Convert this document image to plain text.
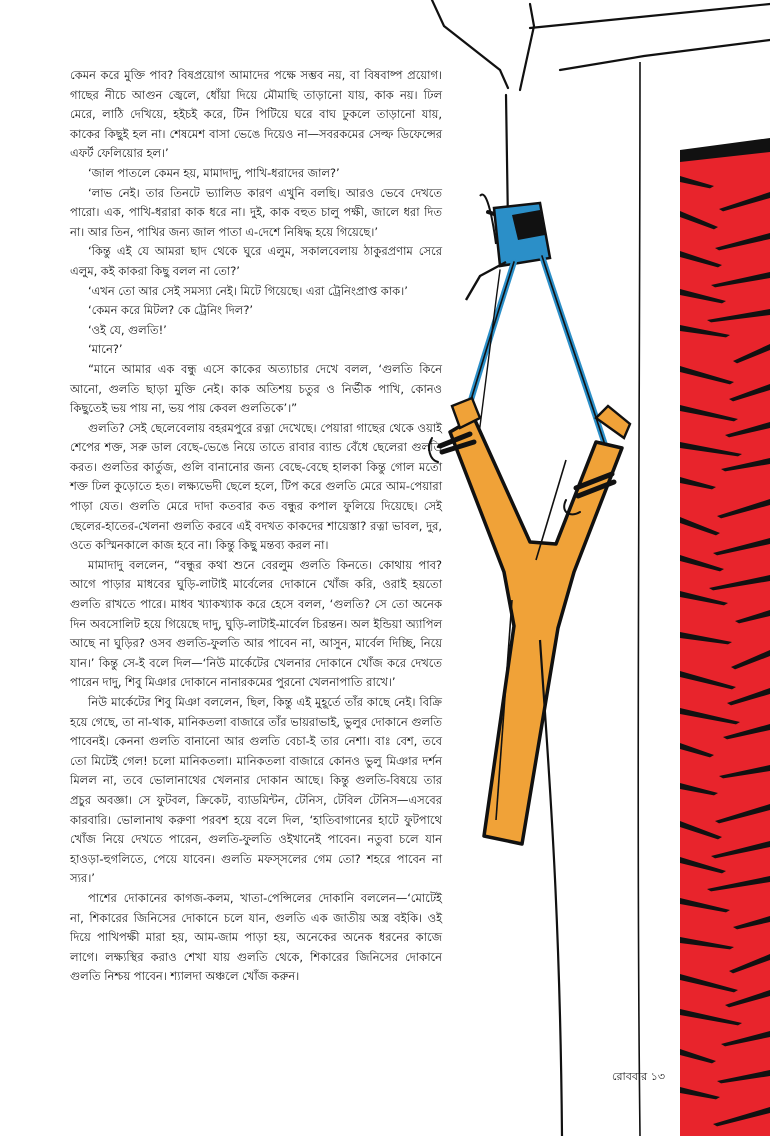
কেমন করে মুক্তি পাব? বিষপ্রয়োগ আমাদের পক্ষে সম্ভব নয়, বা বিষবাষ্প প্রয়োগ। গাছের নীচে আগুন জ্বেলে, ধোঁয়া দিয়ে মৌমাছি তাড়ানো যায়, কাক নয়। ঢিল মেরে, লাঠি দেখিয়ে, হইচই করে, টিন পিটিয়ে ঘরে বাঘ ঢুকলে তাড়ানো যায়, কাকের কিছুই হল না। শেষমেশ বাসা ভেঙে দিয়েও না—সবরকমের সেল্ফ ডিফেন্সের এফর্ট ফেলিয়োর হল।’

‘জাল পাতলে কেমন হয়, মামাদাদু, পাখি-ধরাদের জাল?’

‘লাভ নেই। তার তিনটে ভ্যালিড কারণ এখুনি বলছি। আরও ভেবে দেখতে পারো। এক, পাখি-ধরারা কাক ধরে না। দুই, কাক বহুত চালু পক্ষী, জালে ধরা দিত না। আর তিন, পাখির জন্য জাল পাতা এ-দেশে নিষিদ্ধ হয়ে গিয়েছে।’

‘কিন্তু এই যে আমরা ছাদ থেকে ঘুরে এলুম, সকালবেলায় ঠাকুরপ্রণাম সেরে এলুম, কই কাকরা কিছু বলল না তো?’

‘এখন তো আর সেই সমস্যা নেই। মিটে গিয়েছে। এরা ট্রেনিংপ্রাপ্ত কাক।’

‘কেমন করে মিটল? কে ট্রেনিং দিল?’

‘ওই যে, গুলতি!’

‘মানে?’

“মানে আমার এক বন্ধু এসে কাকের অত্যাচার দেখে বলল, ‘গুলতি কিনে আনো, গুলতি ছাড়া মুক্তি নেই। কাক অতিশয় চতুর ও নির্ভীক পাখি, কোনও কিছুতেই ভয় পায় না, ভয় পায় কেবল গুলতিকে’।”

গুলতি? সেই ছেলেবেলায় বহরমপুরে রত্না দেখেছে। পেয়ারা গাছের থেকে ওয়াই শেপের শক্ত, সরু ডাল বেছে-ভেঙে নিয়ে তাতে রাবার ব্যান্ড বেঁধে ছেলেরা গুলতি করত। গুলতির কার্তুজ, গুলি বানানোর জন্য বেছে-বেছে হালকা কিন্তু গোল মতো শক্ত ঢিল কুড়োতে হত। লক্ষ্যভেদী ছেলে হলে, টিপ করে গুলতি মেরে আম-পেয়ারা পাড়া যেত। গুলতি মেরে দাদা কতবার কত বন্ধুর কপাল ফুলিয়ে দিয়েছে। সেই ছেলের-হাতের-খেলনা গুলতি করবে এই বদখত কাকদের শায়েস্তা? রত্না ভাবল, দুর, ওতে কস্মিনকালে কাজ হবে না। কিন্তু কিছু মন্তব্য করল না।

মামাদাদু বললেন, “বন্ধুর কথা শুনে বেরলুম গুলতি কিনতে। কোথায় পাব? আগে পাড়ার মাধবের ঘুড়ি-লাটাই মার্বেলের দোকানে খোঁজ করি, ওরাই হয়তো গুলতি রাখতে পারে। মাধব খ্যাকখ্যাক করে হেসে বলল, ‘গুলতি? সে তো অনেক দিন অবসোলিট হয়ে গিয়েছে দাদু, ঘুড়ি-লাটাই-মার্বেল চিরন্তন। অল ইন্ডিয়া অ্যাপিল আছে না ঘুড়ির? ওসব গুলতি-ফুলতি আর পাবেন না, আসুন, মার্বেল দিচ্ছি, নিয়ে যান।’ কিন্তু সে-ই বলে দিল—‘নিউ মার্কেটের খেলনার দোকানে খোঁজ করে দেখতে পারেন দাদু, শিবু মিঞার দোকানে নানারকমের পুরনো খেলনাপাতি রাখে।’

নিউ মার্কেটের শিবু মিঞা বললেন, ছিল, কিন্তু এই মুহূর্তে তাঁর কাছে নেই। বিক্রি হয়ে গেছে, তা না-থাক, মানিকতলা বাজারে তাঁর ভায়রাভাই, ভুলুর দোকানে গুলতি পাবেনই। কেননা গুলতি বানানো আর গুলতি বেচা-ই তার নেশা। বাঃ বেশ, তবে তো মিটেই গেল! চলো মানিকতলা। মানিকতলা বাজারে কোনও ভুলু মিঞার দর্শন মিলল না, তবে ভোলানাথের খেলনার দোকান আছে। কিন্তু গুলতি-বিষয়ে তার প্রচুর অবজ্ঞা। সে ফুটবল, ক্রিকেট, ব্যাডমিন্টন, টেনিস, টেবিল টেনিস—এসবের কারবারি। ভোলানাথ করুণা পরবশ হয়ে বলে দিল, ‘হাতিবাগানের হাটে ফুটপাথে খোঁজ নিয়ে দেখতে পারেন, গুলতি-ফুলতি ওইখানেই পাবেন। নতুবা চলে যান হাওড়া-হুগলিতে, পেয়ে যাবেন। গুলতি মফস্‌সলের গেম তো? শহরে পাবেন না স্যর।’

পাশের দোকানের কাগজ-কলম, খাতা-পেন্সিলের দোকানি বললেন—‘মোটেই না, শিকারের জিনিসের দোকানে চলে যান, গুলতি এক জাতীয় অস্ত্র বইকি। ওই দিয়ে পাখিপক্ষী মারা হয়, আম-জাম পাড়া হয়, অনেকের অনেক ধরনের কাজে লাগে। লক্ষ্যস্থির করাও শেখা যায় গুলতি থেকে, শিকারের জিনিসের দোকানে গুলতি নিশ্চয় পাবেন। শ্যালদা অঞ্চলে খোঁজ করুন।

রোববার ১৩
